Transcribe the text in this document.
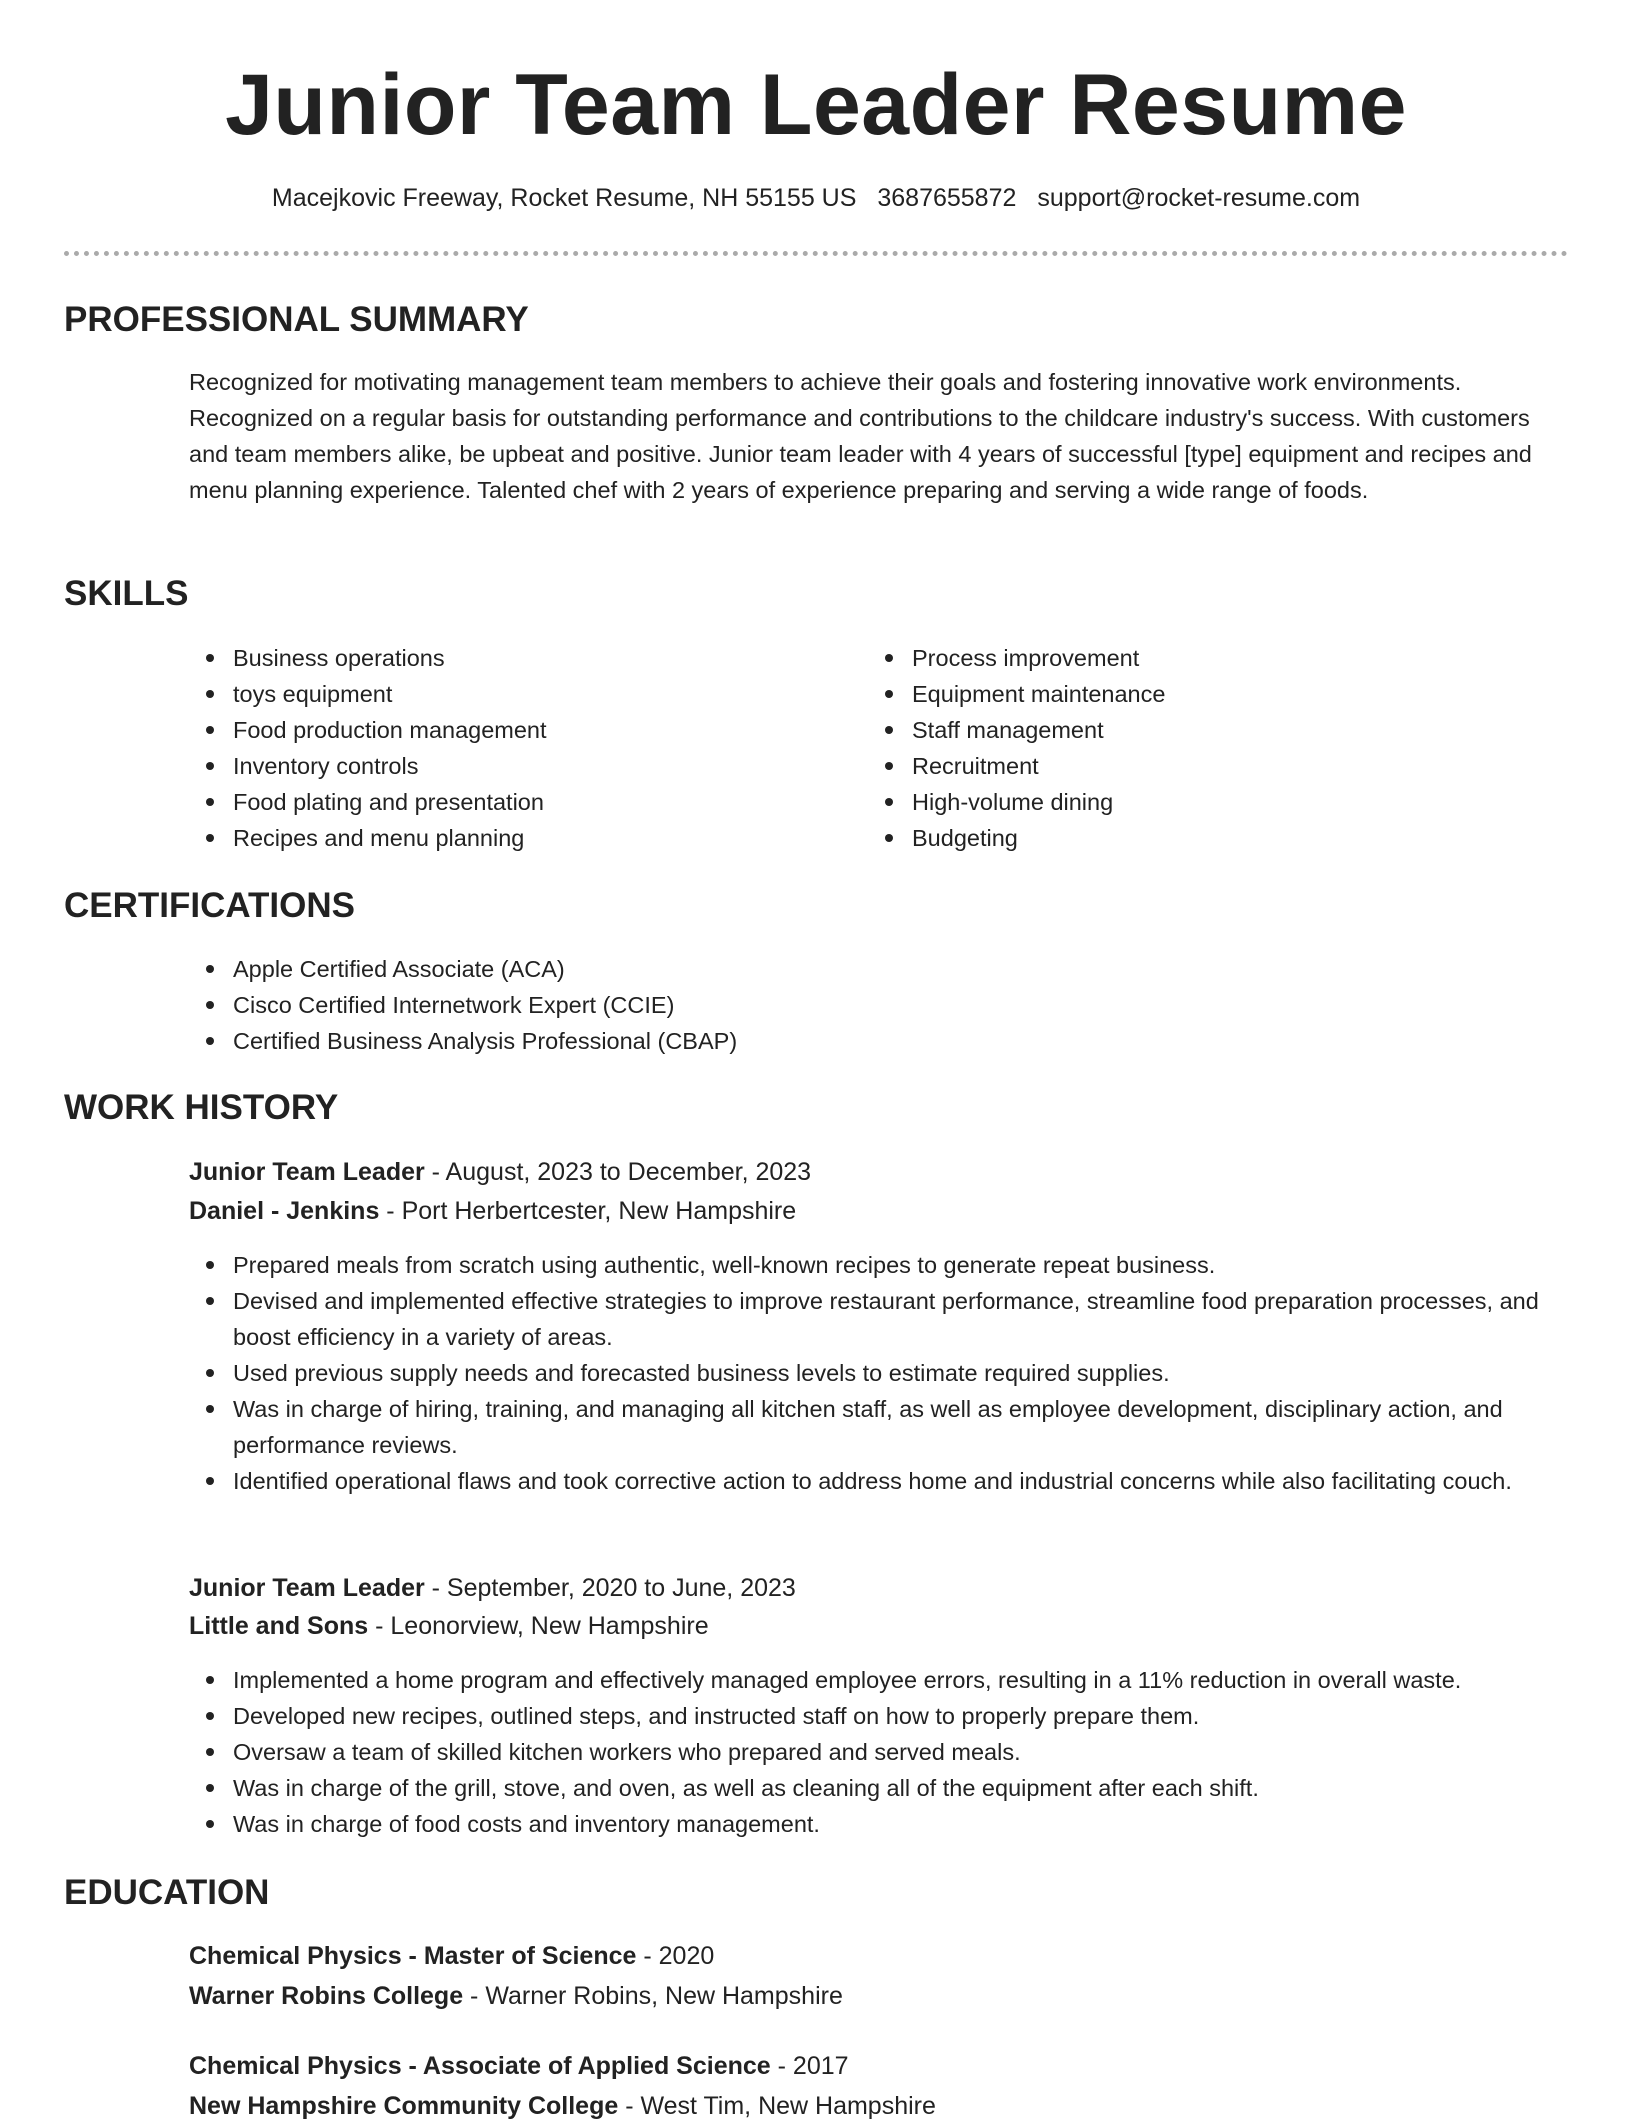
Junior Team Leader Resume
Macejkovic Freeway, Rocket Resume, NH 55155 US 3687655872 support@rocket-resume.com
PROFESSIONAL SUMMARY

Recognized for motivating management team members to achieve their goals and fostering innovative work environments. Recognized on a regular basis for outstanding performance and contributions to the childcare industry's success. With customers and team members alike, be upbeat and positive. Junior team leader with 4 years of successful [type] equipment and recipes and menu planning experience. Talented chef with 2 years of experience preparing and serving a wide range of foods.

SKILLS
Business operations
toys equipment
Food production management
Inventory controls
Food plating and presentation
Recipes and menu planning
Process improvement
Equipment maintenance
Staff management
Recruitment
High-volume dining
Budgeting
CERTIFICATIONS
Apple Certified Associate (ACA)
Cisco Certified Internetwork Expert (CCIE)
Certified Business Analysis Professional (CBAP)
WORK HISTORY

Junior Team Leader - August, 2023 to December, 2023

Daniel - Jenkins - Port Herbertcester, New Hampshire

Prepared meals from scratch using authentic, well-known recipes to generate repeat business.
Devised and implemented effective strategies to improve restaurant performance, streamline food preparation processes, and boost efficiency in a variety of areas.
Used previous supply needs and forecasted business levels to estimate required supplies.
Was in charge of hiring, training, and managing all kitchen staff, as well as employee development, disciplinary action, and performance reviews.
Identified operational flaws and took corrective action to address home and industrial concerns while also facilitating couch.

Junior Team Leader - September, 2020 to June, 2023

Little and Sons - Leonorview, New Hampshire

Implemented a home program and effectively managed employee errors, resulting in a 11% reduction in overall waste.
Developed new recipes, outlined steps, and instructed staff on how to properly prepare them.
Oversaw a team of skilled kitchen workers who prepared and served meals.
Was in charge of the grill, stove, and oven, as well as cleaning all of the equipment after each shift.
Was in charge of food costs and inventory management.
EDUCATION

Chemical Physics - Master of Science - 2020

Warner Robins College - Warner Robins, New Hampshire

Chemical Physics - Associate of Applied Science - 2017

New Hampshire Community College - West Tim, New Hampshire
